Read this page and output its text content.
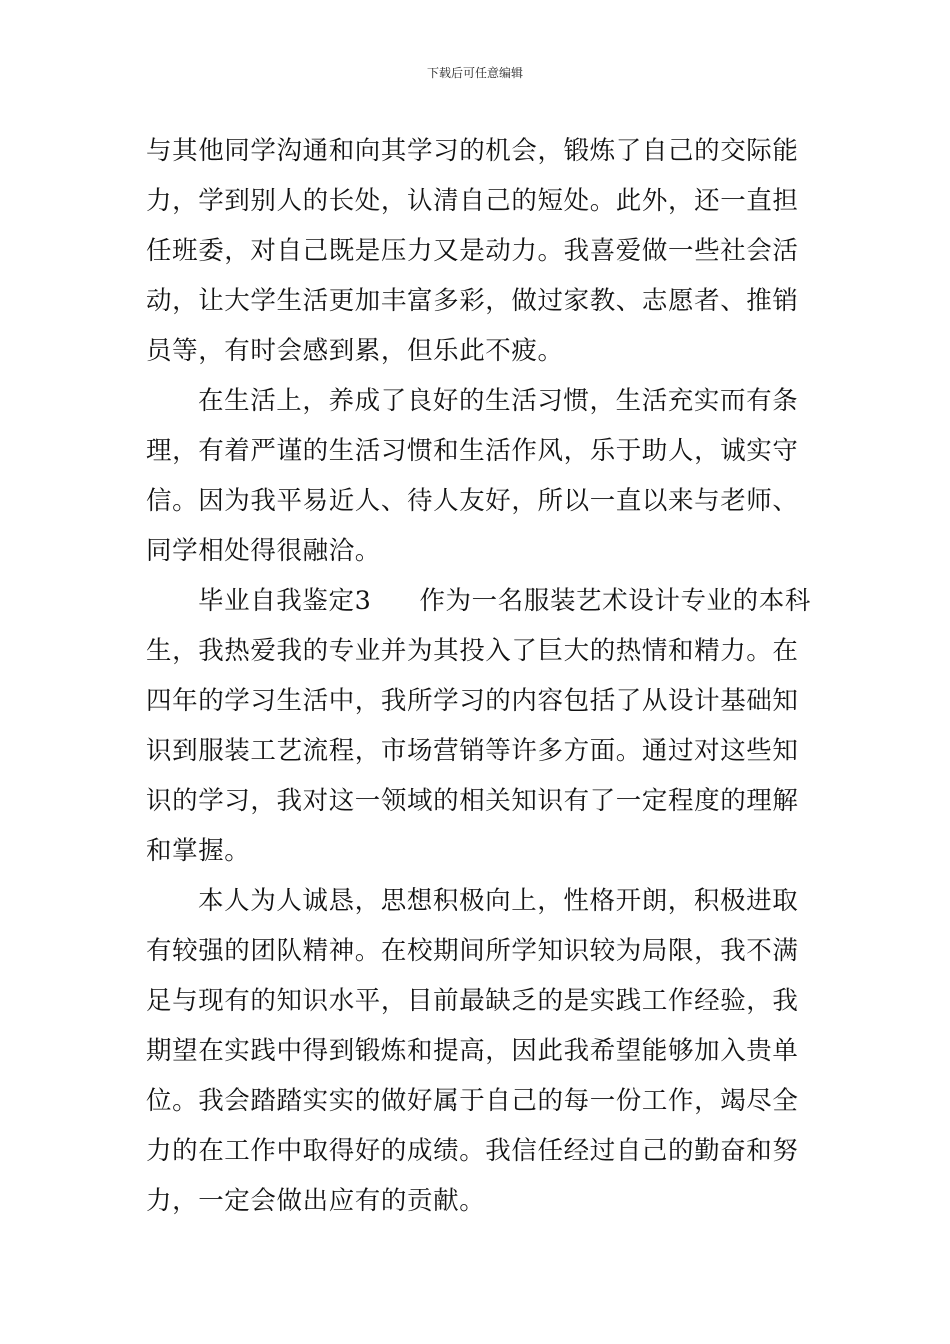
下载后可任意编辑
与其他同学沟通和向其学习的机会，锻炼了自己的交际能
力，学到别人的长处，认清自己的短处。此外，还一直担
任班委，对自己既是压力又是动力。我喜爱做一些社会活
动，让大学生活更加丰富多彩，做过家教、志愿者、推销
员等，有时会感到累，但乐此不疲。
在生活上，养成了良好的生活习惯，生活充实而有条
理，有着严谨的生活习惯和生活作风，乐于助人，诚实守
信。因为我平易近人、待人友好，所以一直以来与老师、
同学相处得很融洽。
毕业自我鉴定3 作为一名服装艺术设计专业的本科
生，我热爱我的专业并为其投入了巨大的热情和精力。在
四年的学习生活中，我所学习的内容包括了从设计基础知
识到服装工艺流程，市场营销等许多方面。通过对这些知
识的学习，我对这一领域的相关知识有了一定程度的理解
和掌握。
本人为人诚恳，思想积极向上，性格开朗，积极进取
有较强的团队精神。在校期间所学知识较为局限，我不满
足与现有的知识水平，目前最缺乏的是实践工作经验，我
期望在实践中得到锻炼和提高，因此我希望能够加入贵单
位。我会踏踏实实的做好属于自己的每一份工作，竭尽全
力的在工作中取得好的成绩。我信任经过自己的勤奋和努
力，一定会做出应有的贡献。
